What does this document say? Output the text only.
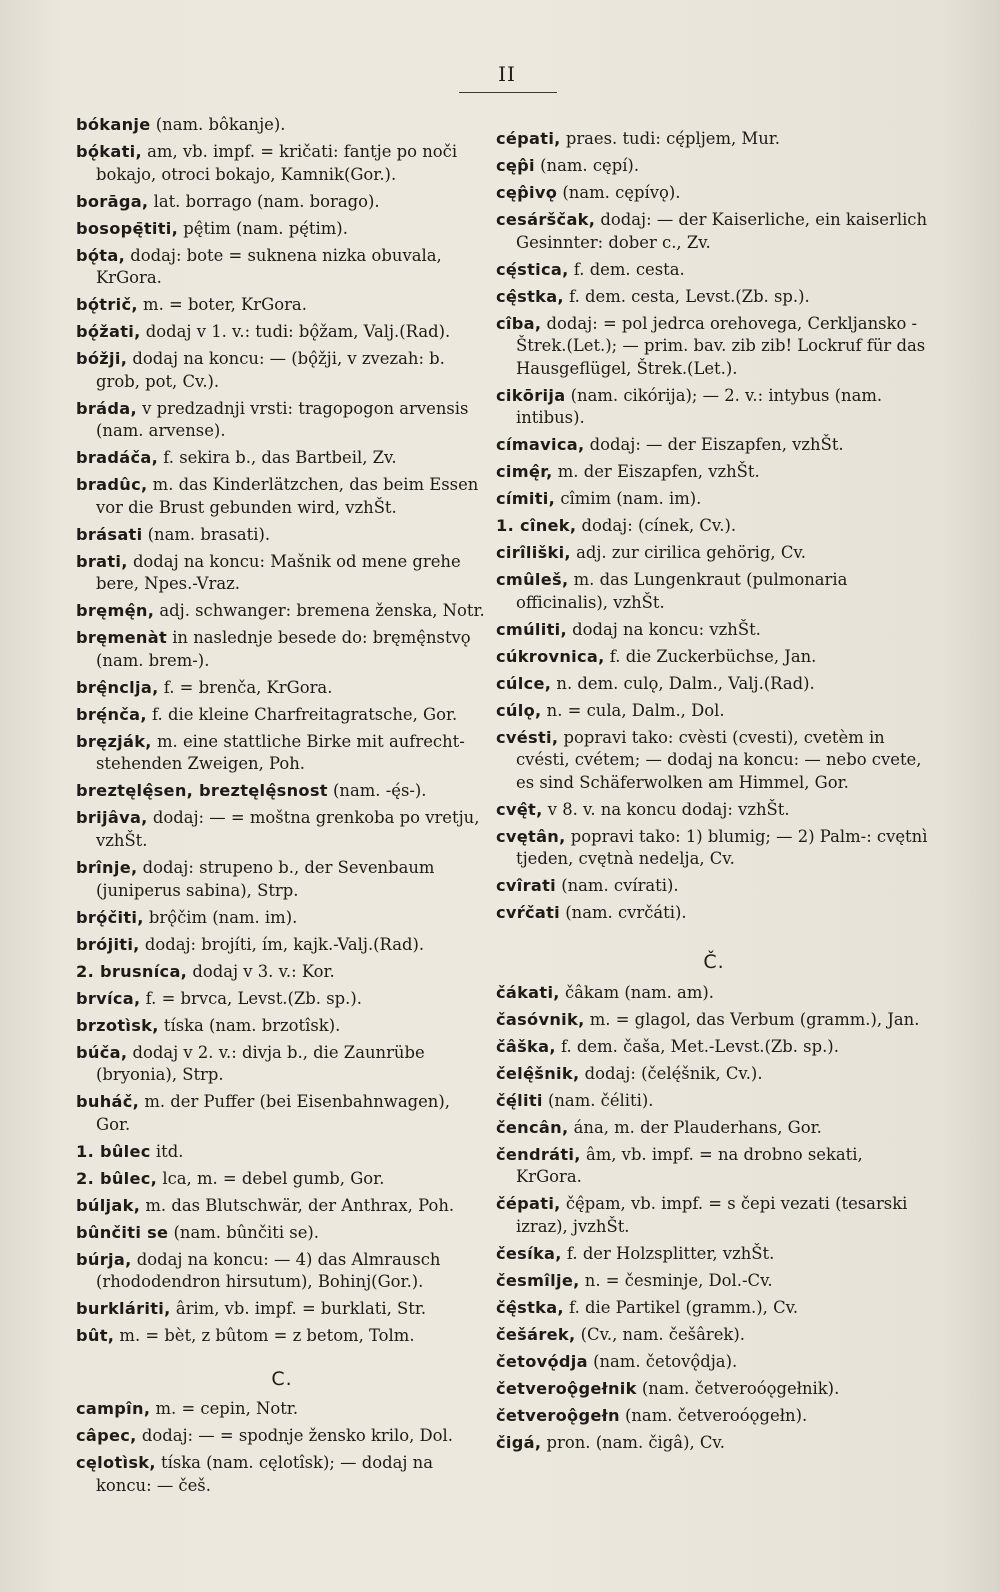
II

bókanje (nam. bôkanje).

bǫ́kati, am, vb. impf. = kričati: fantje po noči bokajo, otroci bokajo, Kamnik(Gor.).

borāga, lat. borrago (nam. borago).

bosopę̄titi, pę̂tim (nam. pę́tim).

bǫ́ta, dodaj: bote = suknena nizka obuvala, KrGora.

bǫ́trič, m. = boter, KrGora.

bǫ́žati, dodaj v 1. v.: tudi: bǫ̂žam, Valj.(Rad).

bóžji, dodaj na koncu: — (bǫ̂žji, v zvezah: b. grob, pot, Cv.).

bráda, v predzadnji vrsti: tragopogon arvensis (nam. arvense).

bradáča, f. sekira b., das Bartbeil, Zv.

bradûc, m. das Kinderlätzchen, das beim Essen vor die Brust gebunden wird, vzhŠt.

brásati (nam. brasati).

brati, dodaj na koncu: Mašnik od mene grehe bere, Npes.-Vraz.

bręmę̂n, adj. schwanger: bremena ženska, Notr.

bręmenàt in naslednje besede do: bręmę̂nstvǫ (nam. brem-).

brę̂nclja, f. = brenča, KrGora.

brę́nča, f. die kleine Charfreitagratsche, Gor.

bręzják, m. eine stattliche Birke mit aufrecht-stehenden Zweigen, Poh.

breztęlę̂sen, breztęlę̂snost (nam. -ę́s-).

brijâva, dodaj: — = moštna grenkoba po vretju, vzhŠt.

brînje, dodaj: strupeno b., der Sevenbaum (juniperus sabina), Strp.

brǫ́čiti, brǫ̂čim (nam. im).

brójiti, dodaj: brojíti, ím, kajk.-Valj.(Rad).

2. brusníca, dodaj v 3. v.: Kor.

brvíca, f. = brvca, Levst.(Zb. sp.).

brzotìsk, tíska (nam. brzotîsk).

búča, dodaj v 2. v.: divja b., die Zaunrübe (bryonia), Strp.

buháč, m. der Puffer (bei Eisenbahnwagen), Gor.

1. bûlec itd.

2. bûlec, lca, m. = debel gumb, Gor.

búljak, m. das Blutschwär, der Anthrax, Poh.

bûnčiti se (nam. bûnčiti se).

búrja, dodaj na koncu: — 4) das Almrausch (rhododendron hirsutum), Bohinj(Gor.).

burkláriti, ârim, vb. impf. = burklati, Str.

bût, m. = bèt, z bûtom = z betom, Tolm.

C.

campîn, m. = cepin, Notr.

câpec, dodaj: — = spodnje žensko krilo, Dol.

cęlotìsk, tíska (nam. cęlotîsk); — dodaj na koncu: — češ.

cépati, praes. tudi: cę́pljem, Mur.

cęp̂i (nam. cępí).

cęp̂ivǫ (nam. cępívǫ).

cesárščak, dodaj: — der Kaiserliche, ein kaiserlich Gesinnter: dober c., Zv.

cę́stica, f. dem. cesta.

cę̂stka, f. dem. cesta, Levst.(Zb. sp.).

cîba, dodaj: = pol jedrca orehovega, Cerkljansko - Štrek.(Let.); — prim. bav. zib zib! Lockruf für das Hausgeflügel, Štrek.(Let.).

cikōrija (nam. cikórija); — 2. v.: intybus (nam. intibus).

címavica, dodaj: — der Eiszapfen, vzhŠt.

cimę̂r, m. der Eiszapfen, vzhŠt.

címiti, cîmim (nam. im).

1. cînek, dodaj: (cínek, Cv.).

cirîliški, adj. zur cirilica gehörig, Cv.

cmûleš, m. das Lungenkraut (pulmonaria officinalis), vzhŠt.

cmúliti, dodaj na koncu: vzhŠt.

cúkrovnica, f. die Zuckerbüchse, Jan.

cúlce, n. dem. culǫ, Dalm., Valj.(Rad).

cúlǫ, n. = cula, Dalm., Dol.

cvésti, popravi tako: cvèsti (cvesti), cvetèm in cvésti, cvétem; — dodaj na koncu: — nebo cvete, es sind Schäferwolken am Himmel, Gor.

cvę̂t, v 8. v. na koncu dodaj: vzhŠt.

cvętân, popravi tako: 1) blumig; — 2) Palm-: cvętnì tjeden, cvętnà nedelja, Cv.

cvîrati (nam. cvírati).

cvŕčati (nam. cvrčáti).

Č.

čákati, čâkam (nam. am).

časóvnik, m. = glagol, das Verbum (gramm.), Jan.

čâška, f. dem. čaša, Met.-Levst.(Zb. sp.).

čelę̂šnik, dodaj: (čelę́šnik, Cv.).

čę́liti (nam. čéliti).

čencân, ána, m. der Plauderhans, Gor.

čendráti, âm, vb. impf. = na drobno sekati, KrGora.

čépati, čę̂pam, vb. impf. = s čepi vezati (tesarski izraz), jvzhŠt.

česíka, f. der Holzsplitter, vzhŠt.

česmîlje, n. = česminje, Dol.-Cv.

čę̂stka, f. die Partikel (gramm.), Cv.

češárek, (Cv., nam. češârek).

četovǫ́dja (nam. četovǫ̂dja).

četveroǫ̂gełnik (nam. četveroóǫgełnik).

četveroǫ̂gełn (nam. četveroóǫgełn).

čigá, pron. (nam. čigâ), Cv.
